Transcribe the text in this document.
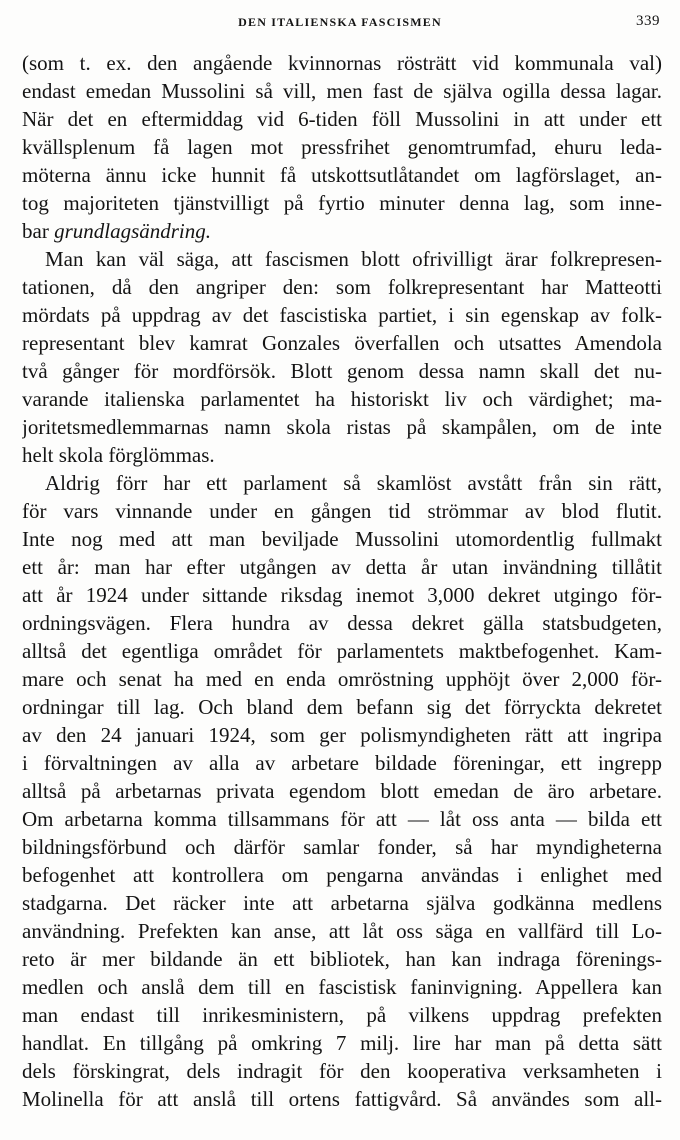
DEN ITALIENSKA FASCISMEN	339
(som t. ex. den angående kvinnornas rösträtt vid kommunala val)
endast emedan Mussolini så vill, men fast de själva ogilla dessa lagar.
När det en eftermiddag vid 6-tiden föll Mussolini in att under ett
kvällsplenum få lagen mot pressfrihet genomtrumfad, ehuru leda-
möterna ännu icke hunnit få utskottsutlåtandet om lagförslaget, an-
tog majoriteten tjänstvilligt på fyrtio minuter denna lag, som inne-
bar grundlagsändring.
Man kan väl säga, att fascismen blott ofrivilligt ärar folkrepresen-
tationen, då den angriper den: som folkrepresentant har Matteotti
mördats på uppdrag av det fascistiska partiet, i sin egenskap av folk-
representant blev kamrat Gonzales överfallen och utsattes Amendola
två gånger för mordförsök. Blott genom dessa namn skall det nu-
varande italienska parlamentet ha historiskt liv och värdighet; ma-
joritetsmedlemmarnas namn skola ristas på skampålen, om de inte
helt skola förglömmas.
Aldrig förr har ett parlament så skamlöst avstått från sin rätt,
för vars vinnande under en gången tid strömmar av blod flutit.
Inte nog med att man beviljade Mussolini utomordentlig fullmakt
ett år: man har efter utgången av detta år utan invändning tillåtit
att år 1924 under sittande riksdag inemot 3,000 dekret utgingo för-
ordningsvägen. Flera hundra av dessa dekret gälla statsbudgeten,
alltså det egentliga området för parlamentets maktbefogenhet. Kam-
mare och senat ha med en enda omröstning upphöjt över 2,000 för-
ordningar till lag. Och bland dem befann sig det förryckta dekretet
av den 24 januari 1924, som ger polismyndigheten rätt att ingripa
i förvaltningen av alla av arbetare bildade föreningar, ett ingrepp
alltså på arbetarnas privata egendom blott emedan de äro arbetare.
Om arbetarna komma tillsammans för att — låt oss anta — bilda ett
bildningsförbund och därför samlar fonder, så har myndigheterna
befogenhet att kontrollera om pengarna användas i enlighet med
stadgarna. Det räcker inte att arbetarna själva godkänna medlens
användning. Prefekten kan anse, att låt oss säga en vallfärd till Lo-
reto är mer bildande än ett bibliotek, han kan indraga förenings-
medlen och anslå dem till en fascistisk faninvigning. Appellera kan
man endast till inrikesministern, på vilkens uppdrag prefekten
handlat. En tillgång på omkring 7 milj. lire har man på detta sätt
dels förskingrat, dels indragit för den kooperativa verksamheten i
Molinella för att anslå till ortens fattigvård. Så användes som all-
